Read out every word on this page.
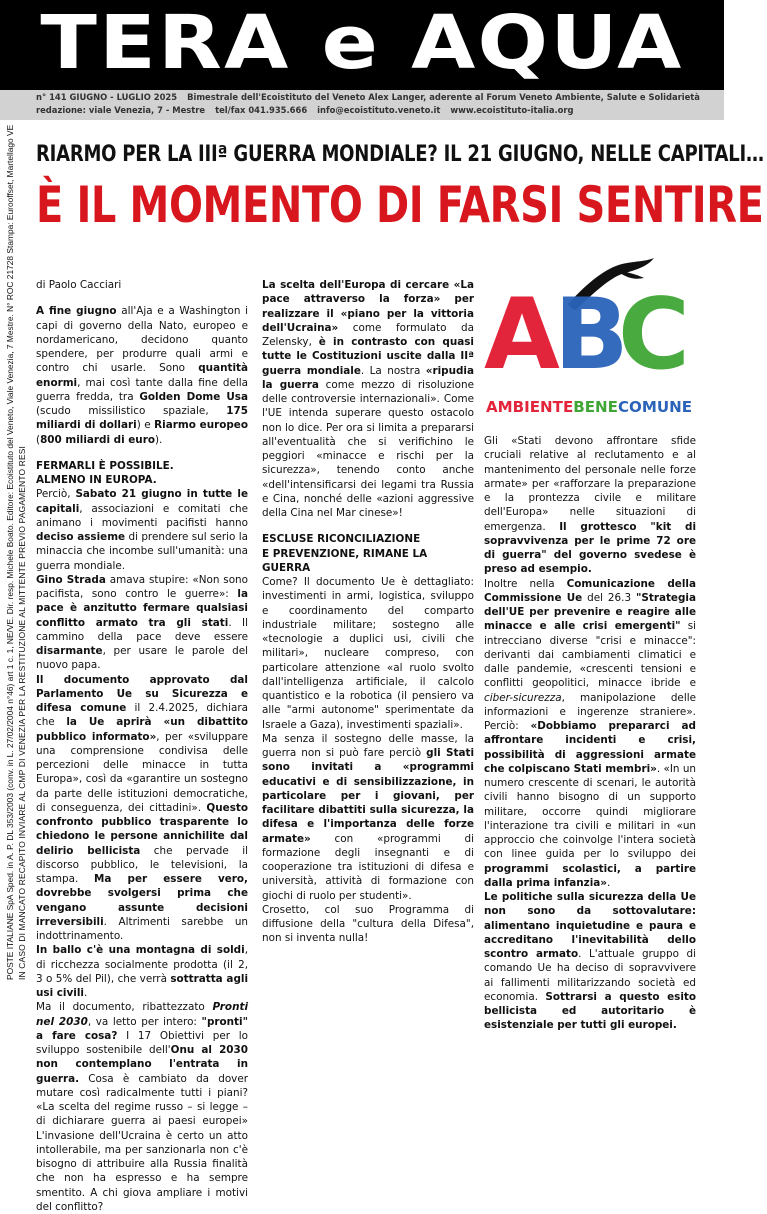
TERA e AQUA
n° 141 GIUGNO - LUGLIO 2025 Bimestrale dell'Ecoistituto del Veneto Alex Langer, aderente al Forum Veneto Ambiente, Salute e Solidarietà
redazione: viale Venezia, 7 - Mestre tel/fax 041.935.666 info@ecoistituto.veneto.it www.ecoistituto-italia.org
POSTE ITALIANE SpA Sped. in A. P. DL 353/2003 (conv. in L. 27/02/2004 n°46) art 1 c. 1, NE/VE. Dir. resp. Michele Boato. Editore: Ecoistituto del Veneto, Viale Venezia, 7 Mestre. N° ROC 21728 Stampa: Eurooffset, Martellago VE IN CASO DI MANCATO RECAPITO INVIARE AL CMP DI VENEZIA PER LA RESTITUZIONE AL MITTENTE PREVIO PAGAMENTO RESI
RIARMO PER LA IIIª GUERRA MONDIALE? IL 21 GIUGNO, NELLE CAPITALI…
È IL MOMENTO DI FARSI SENTIRE

di Paolo Cacciari

A fine giugno all'Aja e a Washington i capi di governo della Nato, europeo e nordamericano, decidono quanto spendere, per produrre quali armi e contro chi usarle. Sono quantità enormi, mai così tante dalla fine della guerra fredda, tra Golden Dome Usa (scudo missilistico spaziale, 175 miliardi di dollari) e Riarmo europeo (800 miliardi di euro).

FERMARLI È POSSIBILE.
ALMENO IN EUROPA.

Perciò, Sabato 21 giugno in tutte le capitali, associazioni e comitati che animano i movimenti pacifisti hanno deciso assieme di prendere sul serio la minaccia che incombe sull'umanità: una guerra mondiale.

Gino Strada amava stupire: «Non sono pacifista, sono contro le guerre»: la pace è anzitutto fermare qualsiasi conflitto armato tra gli stati. Il cammino della pace deve essere disarmante, per usare le parole del nuovo papa.

Il documento approvato dal Parlamento Ue su Sicurezza e difesa comune il 2.4.2025, dichiara che la Ue aprirà «un dibattito pubblico informato», per «sviluppare una comprensione condivisa delle percezioni delle minacce in tutta Europa», così da «garantire un sostegno da parte delle istituzioni democratiche, di conseguenza, dei cittadini». Questo confronto pubblico trasparente lo chiedono le persone annichilite dal delirio bellicista che pervade il discorso pubblico, le televisioni, la stampa. Ma per essere vero, dovrebbe svolgersi prima che vengano assunte decisioni irreversibili. Altrimenti sarebbe un indottrinamento.

In ballo c'è una montagna di soldi, di ricchezza socialmente prodotta (il 2, 3 o 5% del Pil), che verrà sottratta agli usi civili.

Ma il documento, ribattezzato Pronti nel 2030, va letto per intero: "pronti" a fare cosa? I 17 Obiettivi per lo sviluppo sostenibile dell'Onu al 2030 non contemplano l'entrata in guerra. Cosa è cambiato da dover mutare così radicalmente tutti i piani? «La scelta del regime russo – si legge – di dichiarare guerra ai paesi europei» L'invasione dell'Ucraina è certo un atto intollerabile, ma per sanzionarla non c'è bisogno di attribuire alla Russia finalità che non ha espresso e ha sempre smentito. A chi giova ampliare i motivi del conflitto?

La scelta dell'Europa di cercare «La pace attraverso la forza» per realizzare il «piano per la vittoria dell'Ucraina» come formulato da Zelensky, è in contrasto con quasi tutte le Costituzioni uscite dalla IIª guerra mondiale. La nostra «ripudia la guerra come mezzo di risoluzione delle controversie internazionali». Come l'UE intenda superare questo ostacolo non lo dice. Per ora si limita a prepararsi all'eventualità che si verifichino le peggiori «minacce e rischi per la sicurezza», tenendo conto anche «dell'intensificarsi dei legami tra Russia e Cina, nonché delle «azioni aggressive della Cina nel Mar cinese»!

ESCLUSE RICONCILIAZIONE
E PREVENZIONE, RIMANE LA GUERRA

Come? Il documento Ue è dettagliato: investimenti in armi, logistica, sviluppo e coordinamento del comparto industriale militare; sostegno alle «tecnologie a duplici usi, civili che militari», nucleare compreso, con particolare attenzione «al ruolo svolto dall'intelligenza artificiale, il calcolo quantistico e la robotica (il pensiero va alle "armi autonome" sperimentate da Israele a Gaza), investimenti spaziali».

Ma senza il sostegno delle masse, la guerra non si può fare perciò gli Stati sono invitati a «programmi educativi e di sensibilizzazione, in particolare per i giovani, per facilitare dibattiti sulla sicurezza, la difesa e l'importanza delle forze armate» con «programmi di formazione degli insegnanti e di cooperazione tra istituzioni di difesa e università, attività di formazione con giochi di ruolo per studenti».

Crosetto, col suo Programma di diffusione della "cultura della Difesa", non si inventa nulla!

A
B
C
AMBIENTEBENECOMUNE

Gli «Stati devono affrontare sfide cruciali relative al reclutamento e al mantenimento del personale nelle forze armate» per «rafforzare la preparazione e la prontezza civile e militare dell'Europa» nelle situazioni di emergenza. Il grottesco "kit di sopravvivenza per le prime 72 ore di guerra" del governo svedese è preso ad esempio.

Inoltre nella Comunicazione della Commissione Ue del 26.3 "Strategia dell'UE per prevenire e reagire alle minacce e alle crisi emergenti" si intrecciano diverse "crisi e minacce": derivanti dai cambiamenti climatici e dalle pandemie, «crescenti tensioni e conflitti geopolitici, minacce ibride e ciber-sicurezza, manipolazione delle informazioni e ingerenze straniere». Perciò: «Dobbiamo prepararci ad affrontare incidenti e crisi, possibilità di aggressioni armate che colpiscano Stati membri». «In un numero crescente di scenari, le autorità civili hanno bisogno di un supporto militare, occorre quindi migliorare l'interazione tra civili e militari in «un approccio che coinvolge l'intera società con linee guida per lo sviluppo dei programmi scolastici, a partire dalla prima infanzia».

Le politiche sulla sicurezza della Ue non sono da sottovalutare: alimentano inquietudine e paura e accreditano l'inevitabilità dello scontro armato. L'attuale gruppo di comando Ue ha deciso di sopravvivere ai fallimenti militarizzando società ed economia. Sottrarsi a questo esito bellicista ed autoritario è esistenziale per tutti gli europei.
